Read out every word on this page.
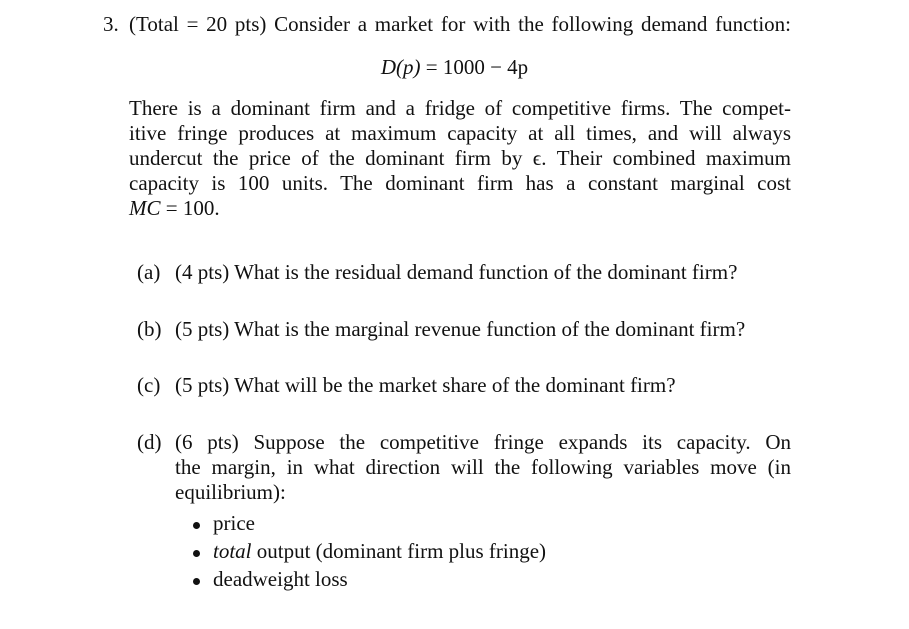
3. (Total = 20 pts) Consider a market for with the following demand function:
D(p) = 1000 − 4p
There is a dominant firm and a fridge of competitive firms. The compet-
itive fringe produces at maximum capacity at all times, and will always
undercut the price of the dominant firm by ϵ. Their combined maximum
capacity is 100 units. The dominant firm has a constant marginal cost
MC = 100.
(a) (4 pts) What is the residual demand function of the dominant firm?
(b) (5 pts) What is the marginal revenue function of the dominant firm?
(c) (5 pts) What will be the market share of the dominant firm?
(d) (6 pts) Suppose the competitive fringe expands its capacity. On
the margin, in what direction will the following variables move (in
equilibrium):
price
total output (dominant firm plus fringe)
deadweight loss
